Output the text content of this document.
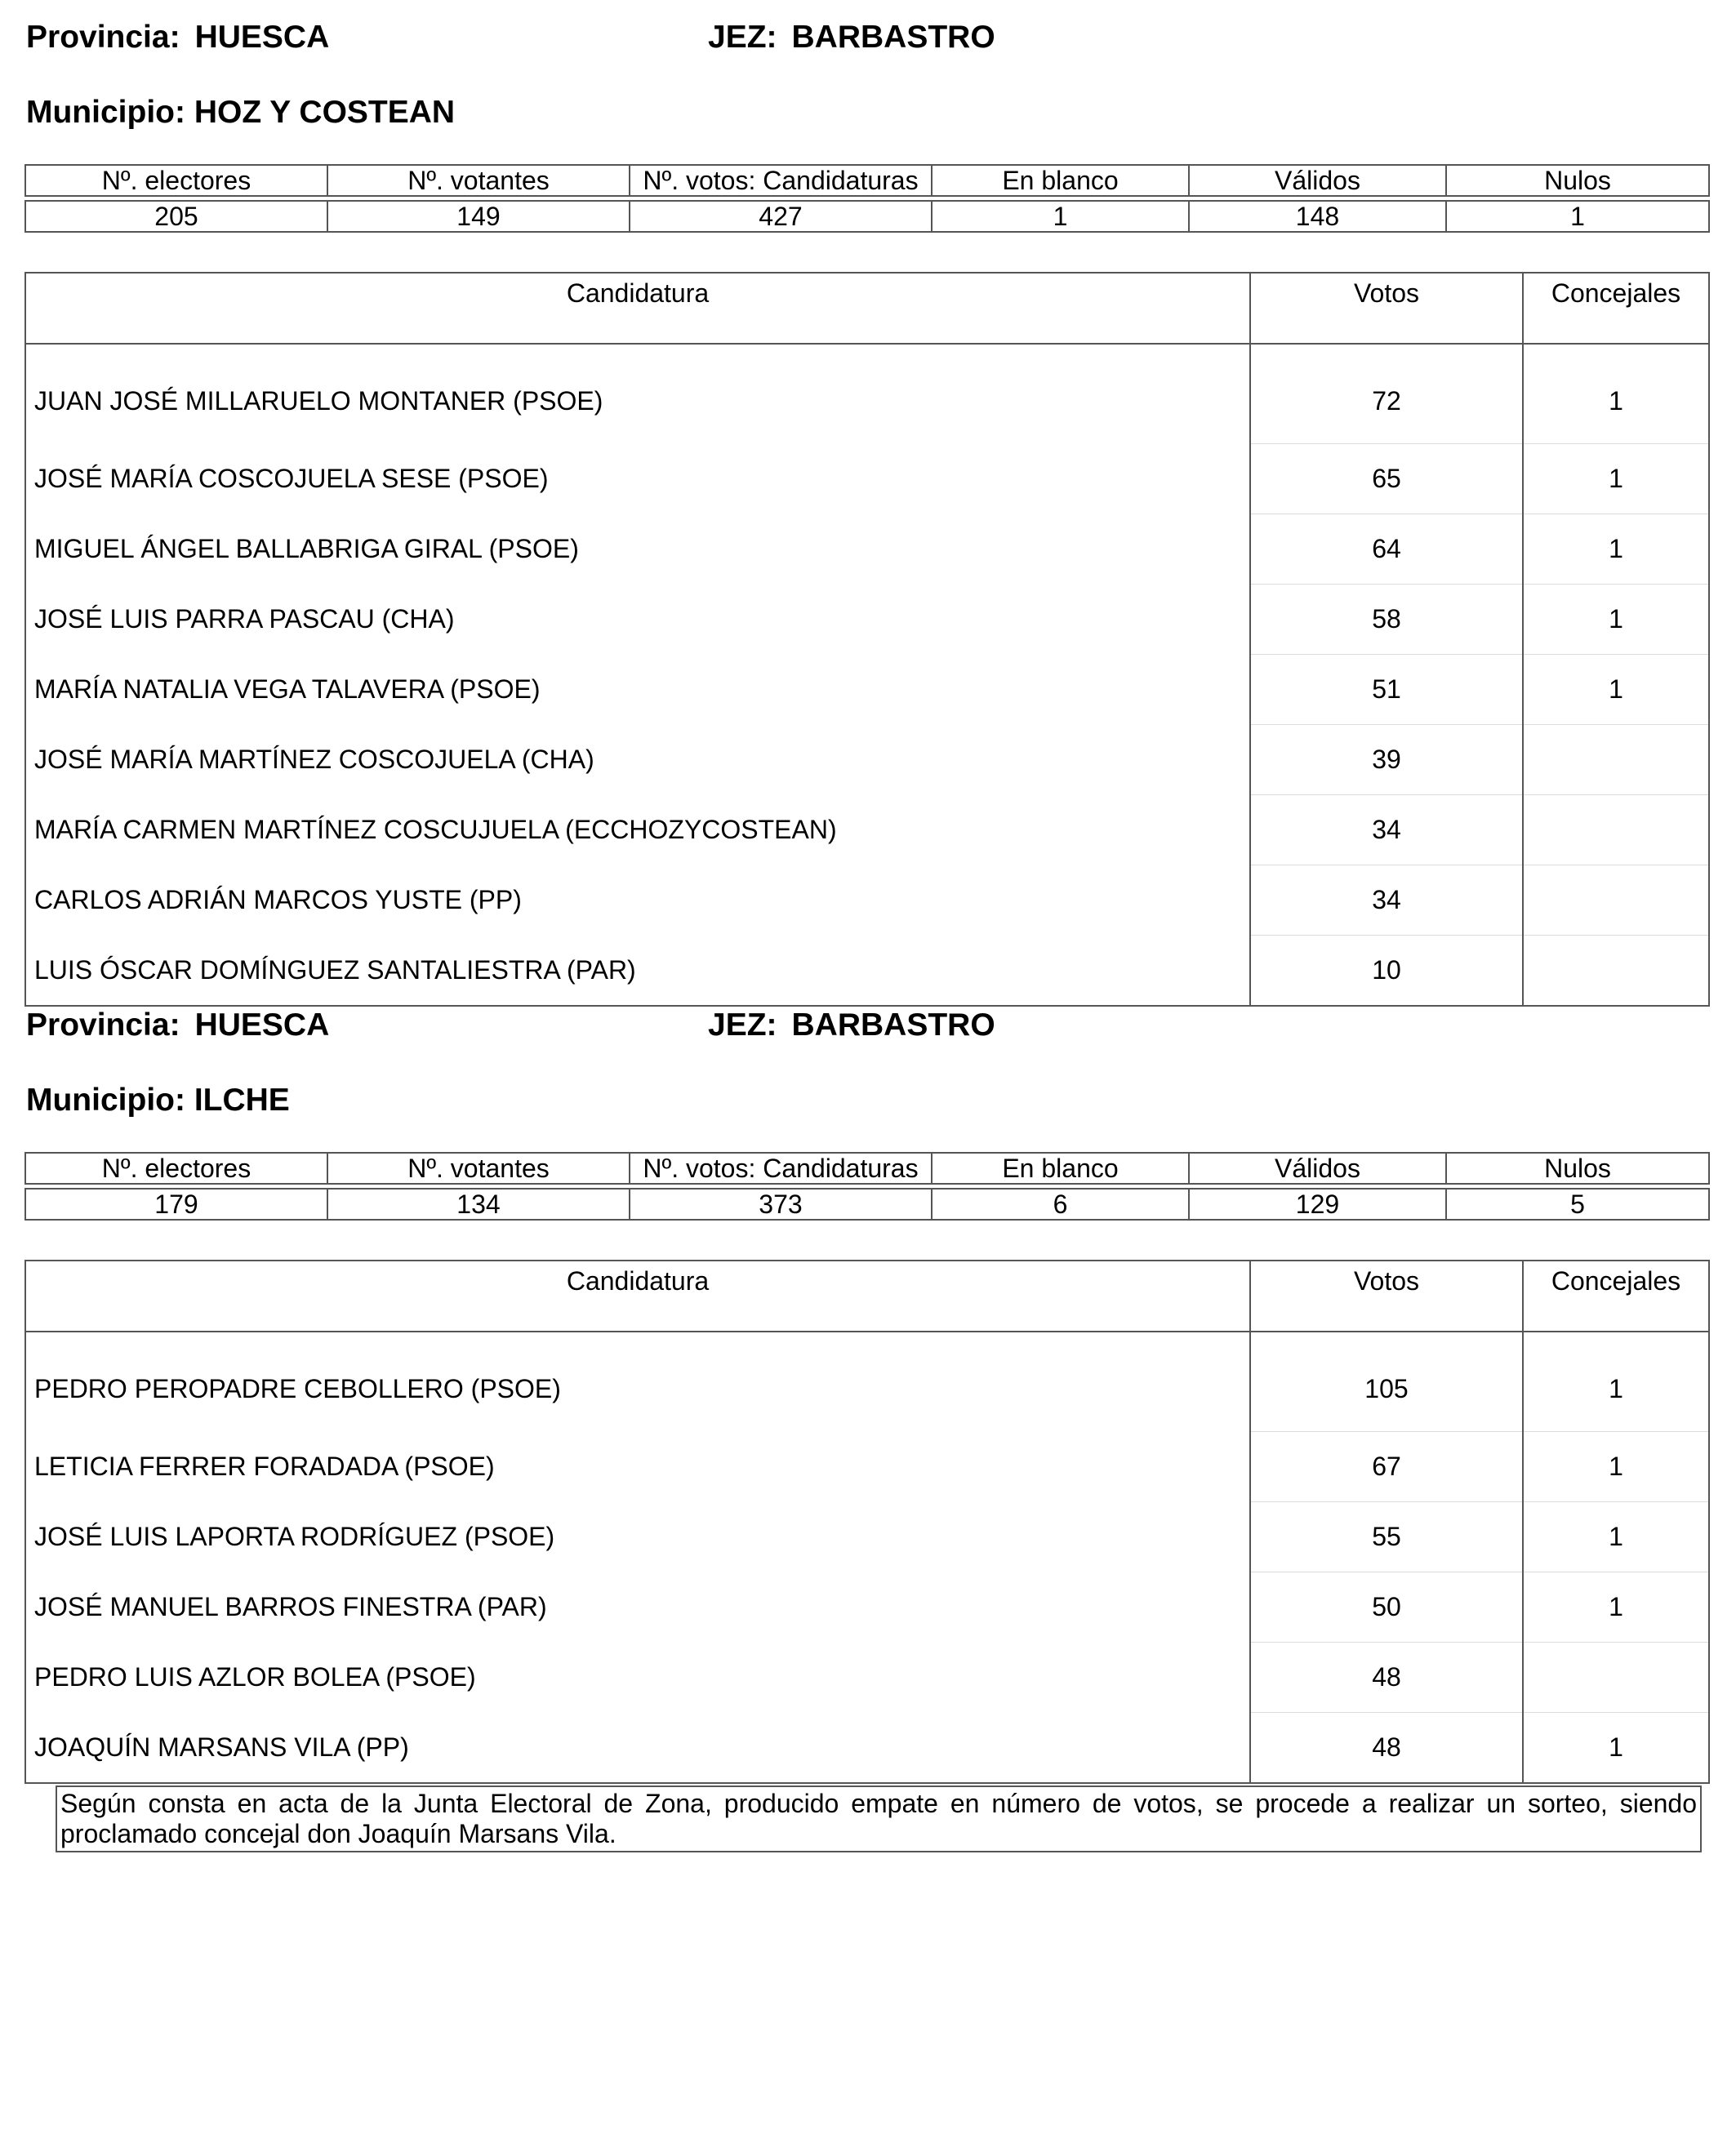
Provincia: HUESCA	JEZ: BARBASTRO
Municipio: HOZ Y COSTEAN
Nº. electores	Nº. votantes	Nº. votos: Candidaturas	En blanco	Válidos	Nulos

205	149	427	1	148	1
Candidatura	Votos	Concejales
JUAN JOSÉ MILLARUELO MONTANER (PSOE)	72	1
JOSÉ MARÍA COSCOJUELA SESE (PSOE)	65	1
MIGUEL ÁNGEL BALLABRIGA GIRAL (PSOE)	64	1
JOSÉ LUIS PARRA PASCAU (CHA)	58	1
MARÍA NATALIA VEGA TALAVERA (PSOE)	51	1
JOSÉ MARÍA MARTÍNEZ COSCOJUELA (CHA)	39	
MARÍA CARMEN MARTÍNEZ COSCUJUELA (ECCHOZYCOSTEAN)	34	
CARLOS ADRIÁN MARCOS YUSTE (PP)	34	
LUIS ÓSCAR DOMÍNGUEZ SANTALIESTRA (PAR)	10	
Provincia: HUESCA	JEZ: BARBASTRO
Municipio: ILCHE
Nº. electores	Nº. votantes	Nº. votos: Candidaturas	En blanco	Válidos	Nulos

179	134	373	6	129	5
Candidatura	Votos	Concejales
PEDRO PEROPADRE CEBOLLERO (PSOE)	105	1
LETICIA FERRER FORADADA (PSOE)	67	1
JOSÉ LUIS LAPORTA RODRÍGUEZ (PSOE)	55	1
JOSÉ MANUEL BARROS FINESTRA (PAR)	50	1
PEDRO LUIS AZLOR BOLEA (PSOE)	48	
JOAQUÍN MARSANS VILA (PP)	48	1
Según consta en acta de la Junta Electoral de Zona, producido empate en número de votos, se procede a realizar un sorteo, siendo proclamado concejal don Joaquín Marsans Vila.
